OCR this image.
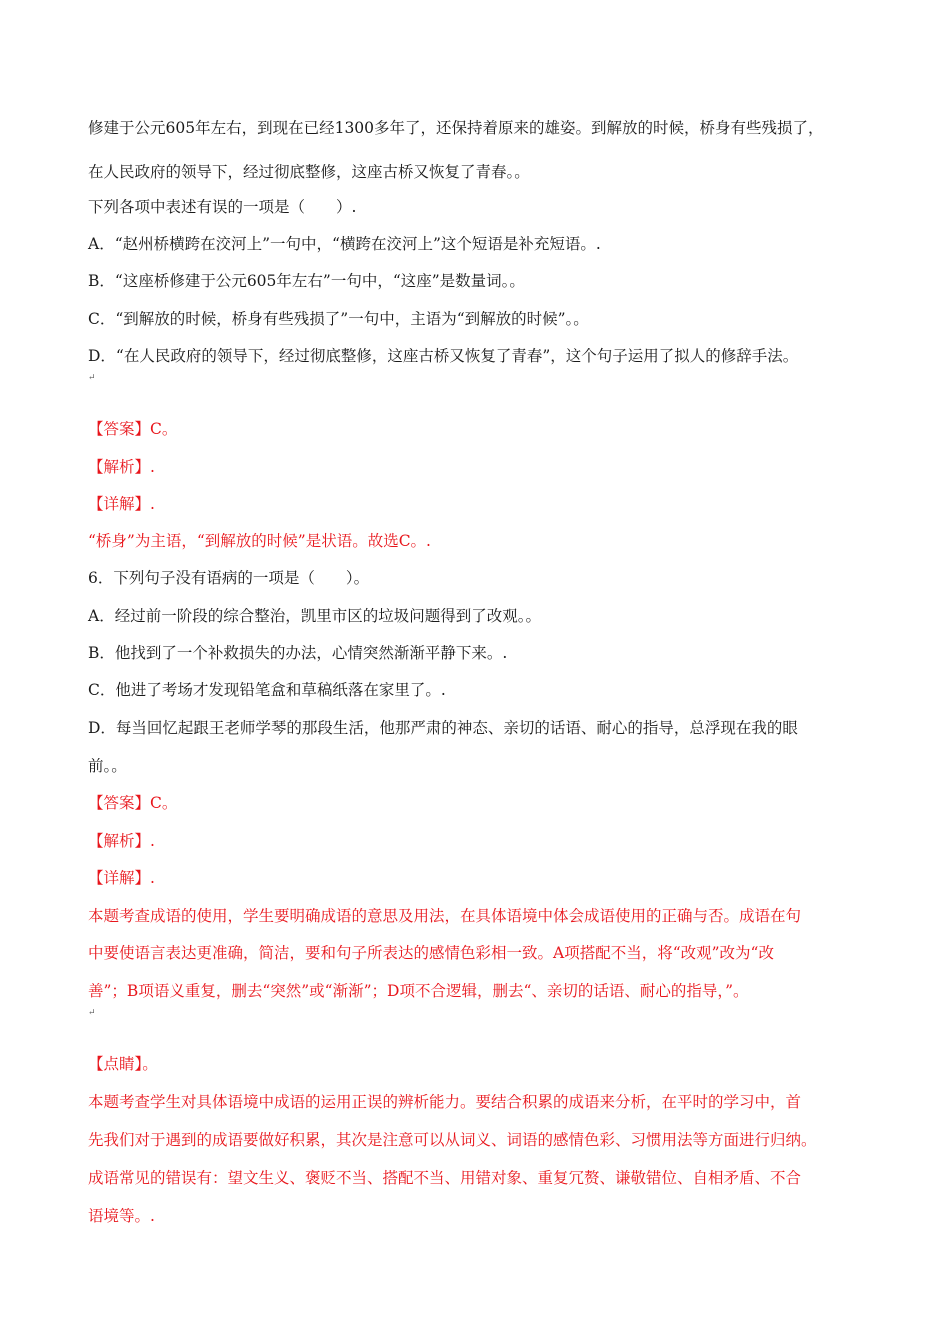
修建于公元605年左右，到现在已经1300多年了，还保持着原来的雄姿。到解放的时候，桥身有些残损了，
在人民政府的领导下，经过彻底整修，这座古桥又恢复了青春。。
下列各项中表述有误的一项是（　　）.
A．“赵州桥横跨在洨河上”一句中，“横跨在洨河上”这个短语是补充短语。.
B．“这座桥修建于公元605年左右”一句中，“这座”是数量词。。
C．“到解放的时候，桥身有些残损了”一句中，主语为“到解放的时候”。。
D．“在人民政府的领导下，经过彻底整修，这座古桥又恢复了青春”，这个句子运用了拟人的修辞手法。
↵
【答案】C。
【解析】.
【详解】.
“桥身”为主语，“到解放的时候”是状语。故选C。.
6．下列句子没有语病的一项是（　　）。
A．经过前一阶段的综合整治，凯里市区的垃圾问题得到了改观。。
B．他找到了一个补救损失的办法，心情突然渐渐平静下来。.
C．他进了考场才发现铅笔盒和草稿纸落在家里了。.
D．每当回忆起跟王老师学琴的那段生活，他那严肃的神态、亲切的话语、耐心的指导，总浮现在我的眼
前。。
【答案】C。
【解析】.
【详解】.
本题考查成语的使用，学生要明确成语的意思及用法，在具体语境中体会成语使用的正确与否。成语在句
中要使语言表达更准确，简洁，要和句子所表达的感情色彩相一致。A项搭配不当，将“改观”改为“改
善”；B项语义重复，删去“突然”或“渐渐”；D项不合逻辑，删去“、亲切的话语、耐心的指导，”。
↵
【点睛】。
本题考查学生对具体语境中成语的运用正误的辨析能力。要结合积累的成语来分析，在平时的学习中，首
先我们对于遇到的成语要做好积累，其次是注意可以从词义、词语的感情色彩、习惯用法等方面进行归纳。
成语常见的错误有：望文生义、褒贬不当、搭配不当、用错对象、重复冗赘、谦敬错位、自相矛盾、不合
语境等。.
